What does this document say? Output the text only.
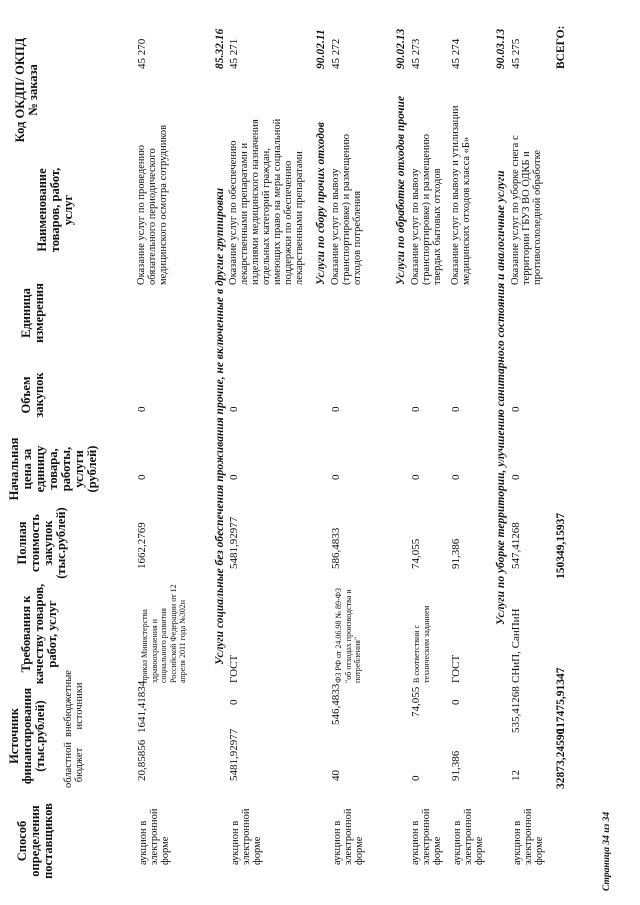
Код ОКДП/ ОКПД № заказа
Наименование товаров, работ, услуг
Единица измерения
Объем закупок
Начальная цена за единицу товара, работы, услуги (рублей)
Полная стоимость закупок (тыс.рублей)
Требования к качеству товаров, работ, услуг
Источник финансирования (тыс.рублей) областной бюджет
внебюджетные источники
Способ определения поставщиков
45 270
Оказание услуг по проведению обязательного периодического медицинского осмотра сотрудников
0
0
1662,2769
приказ Министерства здравоохранения и социального развития Российской Федерации от 12 апреля 2011 года №302н
20,85856
1641,41834
аукцион в электронной форме
85.32.16
Услуги социальные без обеспечения проживания прочие, не включенные в другие группировки
45 271
Оказание услуг по обеспечению лекарственными препаратами и изделиями медицинского назначения отдельных категорий граждан, имеющих право на меры социальной поддержки по обеспечению лекарственными препаратами
0
0
5481,92977
ГОСТ
5481,92977
0
аукцион в электронной форме
90.02.11
Услуги по сбору прочих отходов
45 272
Оказание услуг по вывозу (транспортировке) и размещению отходов потребления
0
0
586,4833
ФЗ РФ от 24.06.98 № 89-ФЗ "об отходах производства и потребления"
40
546,4833
аукцион в электронной форме
90.02.13
Услуги по обработке отходов прочие
45 273
Оказание услуг по вывозу (транспортировке) и размещению твердых бытовых отходов
0
0
74,055
В соответствии с техническим заданием
0
74,055
аукцион в электронной форме
45 274
Оказание услуг по вывозу и утилизации медицинских отходов класса «Б»
0
0
91,386
ГОСТ
91,386
0
аукцион в электронной форме
90.03.13
Услуги по уборке территории, улучшению санитарного состояния и аналогичные услуги
45 275
Оказание услуг по уборке снега с территории ГБУЗ ВО ОДКБ и противогололедной обработке
0
0
547,41268
СНиП, СанПиН
12
535,41268
аукцион в электронной форме
ВСЕГО:
150349,15937
32873,24590
117475,91347
Страница 34 из 34
